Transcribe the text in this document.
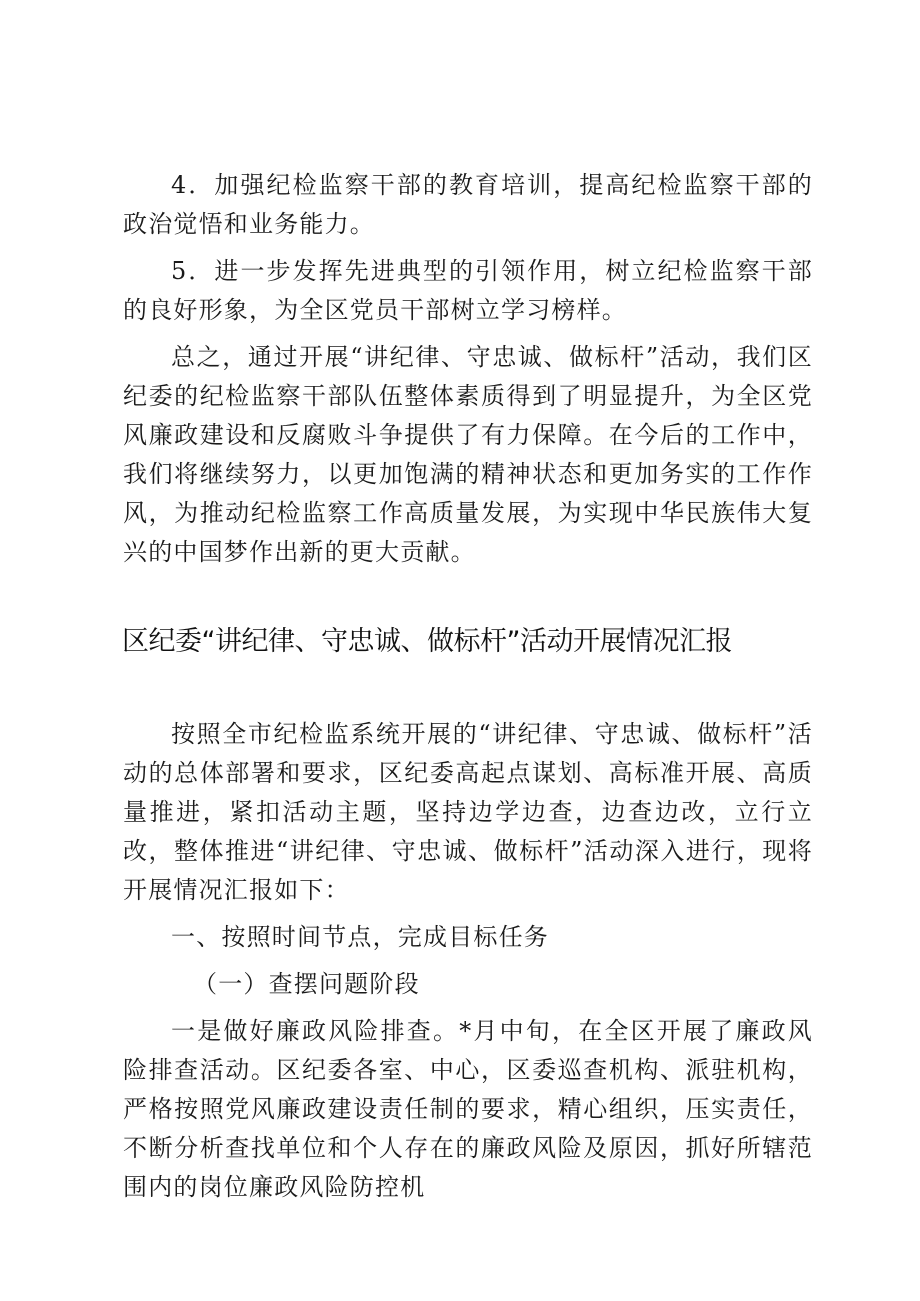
4．加强纪检监察干部的教育培训，提高纪检监察干部的政治觉悟和业务能力。

5．进一步发挥先进典型的引领作用，树立纪检监察干部的良好形象，为全区党员干部树立学习榜样。

总之，通过开展“讲纪律、守忠诚、做标杆”活动，我们区纪委的纪检监察干部队伍整体素质得到了明显提升，为全区党风廉政建设和反腐败斗争提供了有力保障。在今后的工作中，我们将继续努力，以更加饱满的精神状态和更加务实的工作作风，为推动纪检监察工作高质量发展，为实现中华民族伟大复兴的中国梦作出新的更大贡献。

区纪委“讲纪律、守忠诚、做标杆”活动开展情况汇报

按照全市纪检监系统开展的“讲纪律、守忠诚、做标杆”活动的总体部署和要求，区纪委高起点谋划、高标准开展、高质量推进，紧扣活动主题，坚持边学边查，边查边改，立行立改，整体推进“讲纪律、守忠诚、做标杆”活动深入进行，现将开展情况汇报如下：

一、按照时间节点，完成目标任务

（一）查摆问题阶段

一是做好廉政风险排查。*月中旬，在全区开展了廉政风险排查活动。区纪委各室、中心，区委巡查机构、派驻机构，严格按照党风廉政建设责任制的要求，精心组织，压实责任，不断分析查找单位和个人存在的廉政风险及原因，抓好所辖范围内的岗位廉政风险防控机
